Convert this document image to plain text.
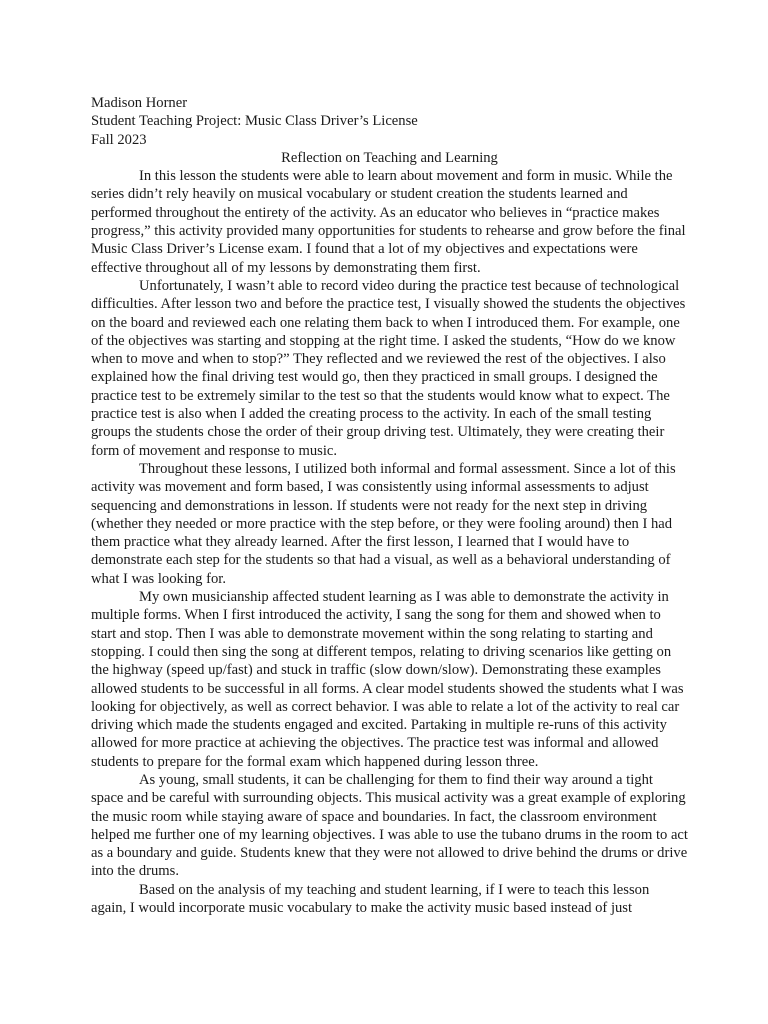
Madison Horner
Student Teaching Project: Music Class Driver’s License
Fall 2023
Reflection on Teaching and Learning

In this lesson the students were able to learn about movement and form in music. While the series didn’t rely heavily on musical vocabulary or student creation the students learned and performed throughout the entirety of the activity. As an educator who believes in “practice makes progress,” this activity provided many opportunities for students to rehearse and grow before the final Music Class Driver’s License exam. I found that a lot of my objectives and expectations were effective throughout all of my lessons by demonstrating them first.

Unfortunately, I wasn’t able to record video during the practice test because of technological difficulties. After lesson two and before the practice test, I visually showed the students the objectives on the board and reviewed each one relating them back to when I introduced them. For example, one of the objectives was starting and stopping at the right time. I asked the students, “How do we know when to move and when to stop?” They reflected and we reviewed the rest of the objectives. I also explained how the final driving test would go, then they practiced in small groups. I designed the practice test to be extremely similar to the test so that the students would know what to expect. The practice test is also when I added the creating process to the activity. In each of the small testing groups the students chose the order of their group driving test. Ultimately, they were creating their form of movement and response to music.

Throughout these lessons, I utilized both informal and formal assessment. Since a lot of this activity was movement and form based, I was consistently using informal assessments to adjust sequencing and demonstrations in lesson. If students were not ready for the next step in driving (whether they needed or more practice with the step before, or they were fooling around) then I had them practice what they already learned. After the first lesson, I learned that I would have to demonstrate each step for the students so that had a visual, as well as a behavioral understanding of what I was looking for.

My own musicianship affected student learning as I was able to demonstrate the activity in multiple forms. When I first introduced the activity, I sang the song for them and showed when to start and stop. Then I was able to demonstrate movement within the song relating to starting and stopping. I could then sing the song at different tempos, relating to driving scenarios like getting on the highway (speed up/fast) and stuck in traffic (slow down/slow). Demonstrating these examples allowed students to be successful in all forms. A clear model students showed the students what I was looking for objectively, as well as correct behavior. I was able to relate a lot of the activity to real car driving which made the students engaged and excited. Partaking in multiple re-runs of this activity allowed for more practice at achieving the objectives. The practice test was informal and allowed students to prepare for the formal exam which happened during lesson three.

As young, small students, it can be challenging for them to find their way around a tight space and be careful with surrounding objects. This musical activity was a great example of exploring the music room while staying aware of space and boundaries. In fact, the classroom environment helped me further one of my learning objectives. I was able to use the tubano drums in the room to act as a boundary and guide. Students knew that they were not allowed to drive behind the drums or drive into the drums.

Based on the analysis of my teaching and student learning, if I were to teach this lesson again, I would incorporate music vocabulary to make the activity music based instead of just
